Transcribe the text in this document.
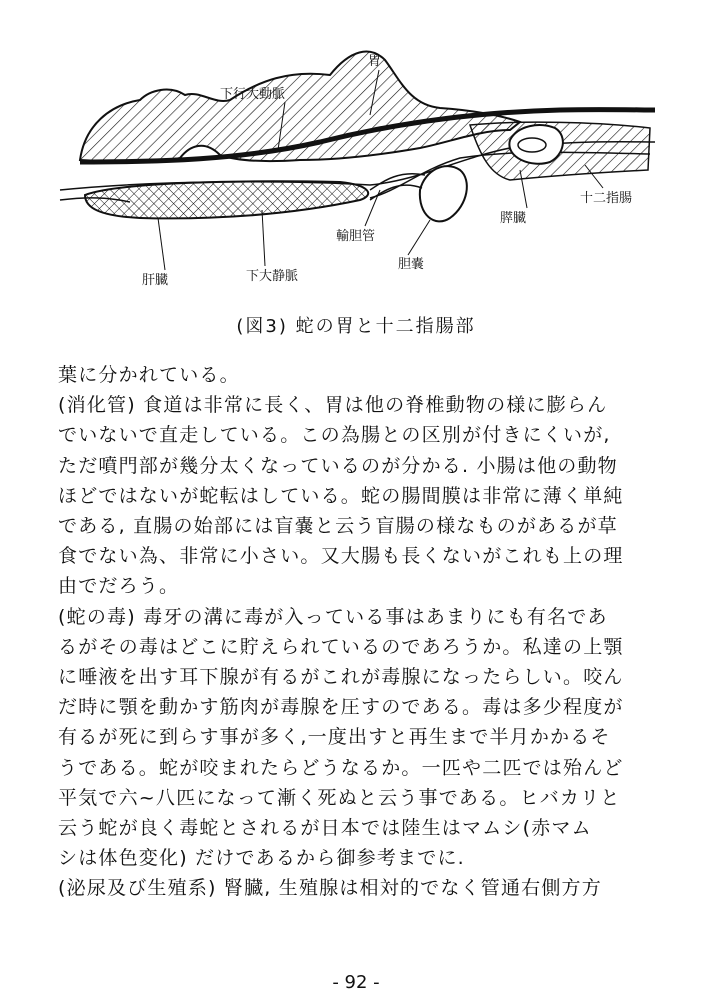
胃
下行大動脈
十二指腸
膵臓
輸胆管
胆嚢
肝臓	下大静脈
(図3) 蛇の胃と十二指腸部

葉に分かれている。

(消化管) 食道は非常に長く、胃は他の脊椎動物の様に膨らん

でいないで直走している。この為腸との区別が付きにくいが,

ただ噴門部が幾分太くなっているのが分かる. 小腸は他の動物

ほどではないが蛇転はしている。蛇の腸間膜は非常に薄く単純

である, 直腸の始部には盲嚢と云う盲腸の様なものがあるが草

食でない為、非常に小さい。又大腸も長くないがこれも上の理

由でだろう。

(蛇の毒) 毒牙の溝に毒が入っている事はあまりにも有名であ

るがその毒はどこに貯えられているのであろうか。私達の上顎

に唾液を出す耳下腺が有るがこれが毒腺になったらしい。咬ん

だ時に顎を動かす筋肉が毒腺を圧すのである。毒は多少程度が

有るが死に到らす事が多く,一度出すと再生まで半月かかるそ

うである。蛇が咬まれたらどうなるか。一匹や二匹では殆んど

平気で六~八匹になって漸く死ぬと云う事である。ヒバカリと

云う蛇が良く毒蛇とされるが日本では陸生はマムシ(赤マム

シは体色変化) だけであるから御参考までに.

(泌尿及び生殖系) 腎臓, 生殖腺は相対的でなく管通右側方方

- 92 -
